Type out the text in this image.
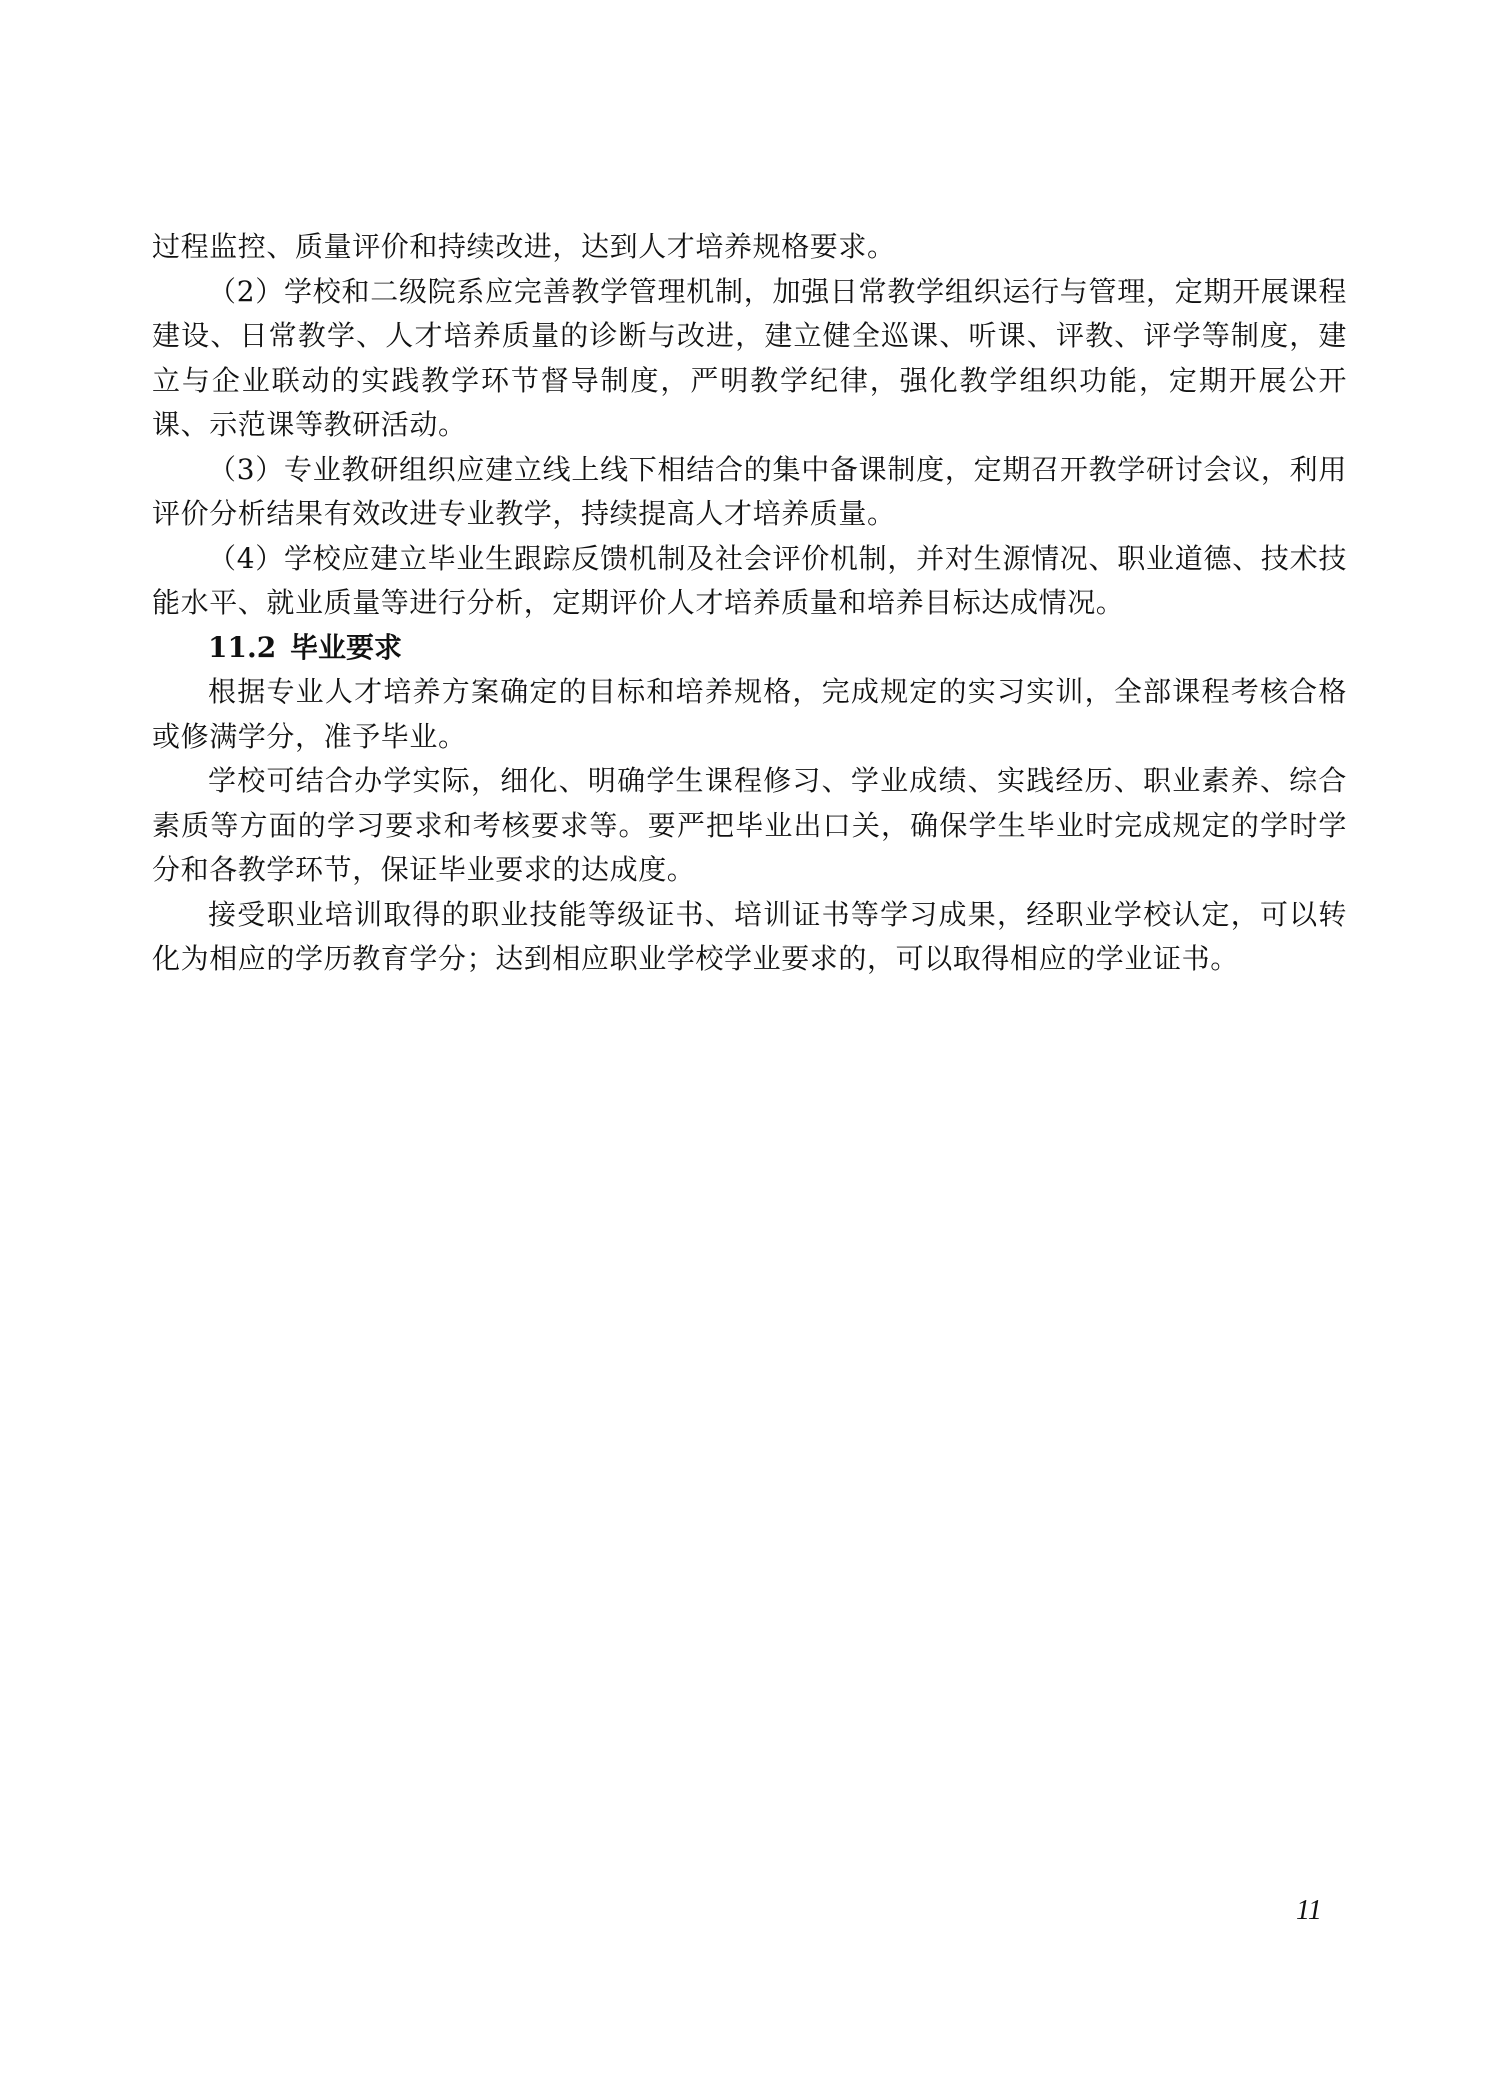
过程监控、质量评价和持续改进，达到人才培养规格要求。

（2）学校和二级院系应完善教学管理机制，加强日常教学组织运行与管理，定期开展课程建设、日常教学、人才培养质量的诊断与改进，建立健全巡课、听课、评教、评学等制度，建立与企业联动的实践教学环节督导制度，严明教学纪律，强化教学组织功能，定期开展公开课、示范课等教研活动。

（3）专业教研组织应建立线上线下相结合的集中备课制度，定期召开教学研讨会议，利用评价分析结果有效改进专业教学，持续提高人才培养质量。

（4）学校应建立毕业生跟踪反馈机制及社会评价机制，并对生源情况、职业道德、技术技能水平、就业质量等进行分析，定期评价人才培养质量和培养目标达成情况。

11.2 毕业要求

根据专业人才培养方案确定的目标和培养规格，完成规定的实习实训，全部课程考核合格或修满学分，准予毕业。

学校可结合办学实际，细化、明确学生课程修习、学业成绩、实践经历、职业素养、综合素质等方面的学习要求和考核要求等。要严把毕业出口关，确保学生毕业时完成规定的学时学分和各教学环节，保证毕业要求的达成度。

接受职业培训取得的职业技能等级证书、培训证书等学习成果，经职业学校认定，可以转化为相应的学历教育学分；达到相应职业学校学业要求的，可以取得相应的学业证书。

11
